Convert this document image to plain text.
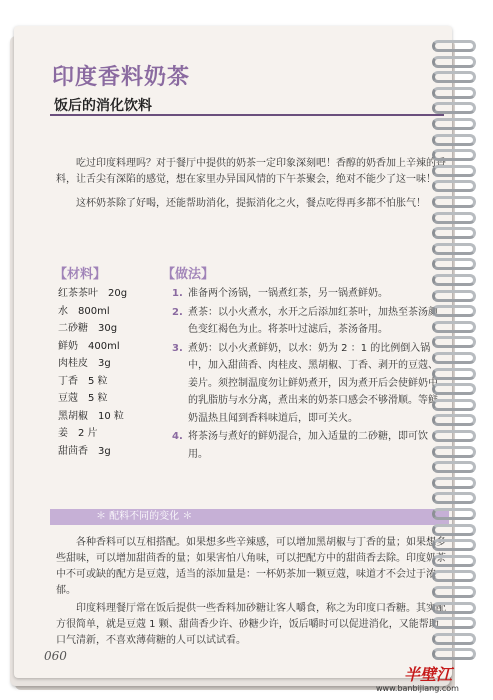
印度香料奶茶
饭后的消化饮料

吃过印度料理吗？对于餐厅中提供的奶茶一定印象深刻吧！香醇的奶香加上辛辣的香料，让舌尖有深陷的感觉，想在家里办异国风情的下午茶聚会，绝对不能少了这一味！

这杯奶茶除了好喝，还能帮助消化，提振消化之火，餐点吃得再多都不怕胀气！

【材料】
红茶茶叶　20g
水　800ml
二砂糖　30g
鲜奶　400ml
肉桂皮　3g
丁香　5 粒
豆蔻　5 粒
黑胡椒　10 粒
姜　2 片
甜茴香　3g
【做法】
1. 准备两个汤锅，一锅煮红茶，另一锅煮鲜奶。
2. 煮茶：以小火煮水，水开之后添加红茶叶，加热至茶汤颜色变红褐色为止。将茶叶过滤后，茶汤备用。
3. 煮奶：以小火煮鲜奶，以水：奶为 2 ：1 的比例倒入锅中，加入甜茴香、肉桂皮、黑胡椒、丁香、剥开的豆蔻、姜片。须控制温度勿让鲜奶煮开，因为煮开后会使鲜奶中的乳脂肪与水分离，煮出来的奶茶口感会不够滑顺。等鲜奶温热且闻到香料味道后，即可关火。
4. 将茶汤与煮好的鲜奶混合，加入适量的二砂糖，即可饮用。
＊ 配料不同的变化 ＊

各种香料可以互相搭配。如果想多些辛辣感，可以增加黑胡椒与丁香的量；如果想多些甜味，可以增加甜茴香的量；如果害怕八角味，可以把配方中的甜茴香去除。印度奶茶中不可或缺的配方是豆蔻，适当的添加量是：一杯奶茶加一颗豆蔻，味道才不会过于浓郁。

印度料理餐厅常在饭后提供一些香料加砂糖让客人嚼食，称之为印度口香糖。其实配方很简单，就是豆蔻 1 颗、甜茴香少许、砂糖少许，饭后嚼时可以促进消化，又能帮助口气清新，不喜欢薄荷糖的人可以试试看。

060
半壁江
www.banbijiang.com
